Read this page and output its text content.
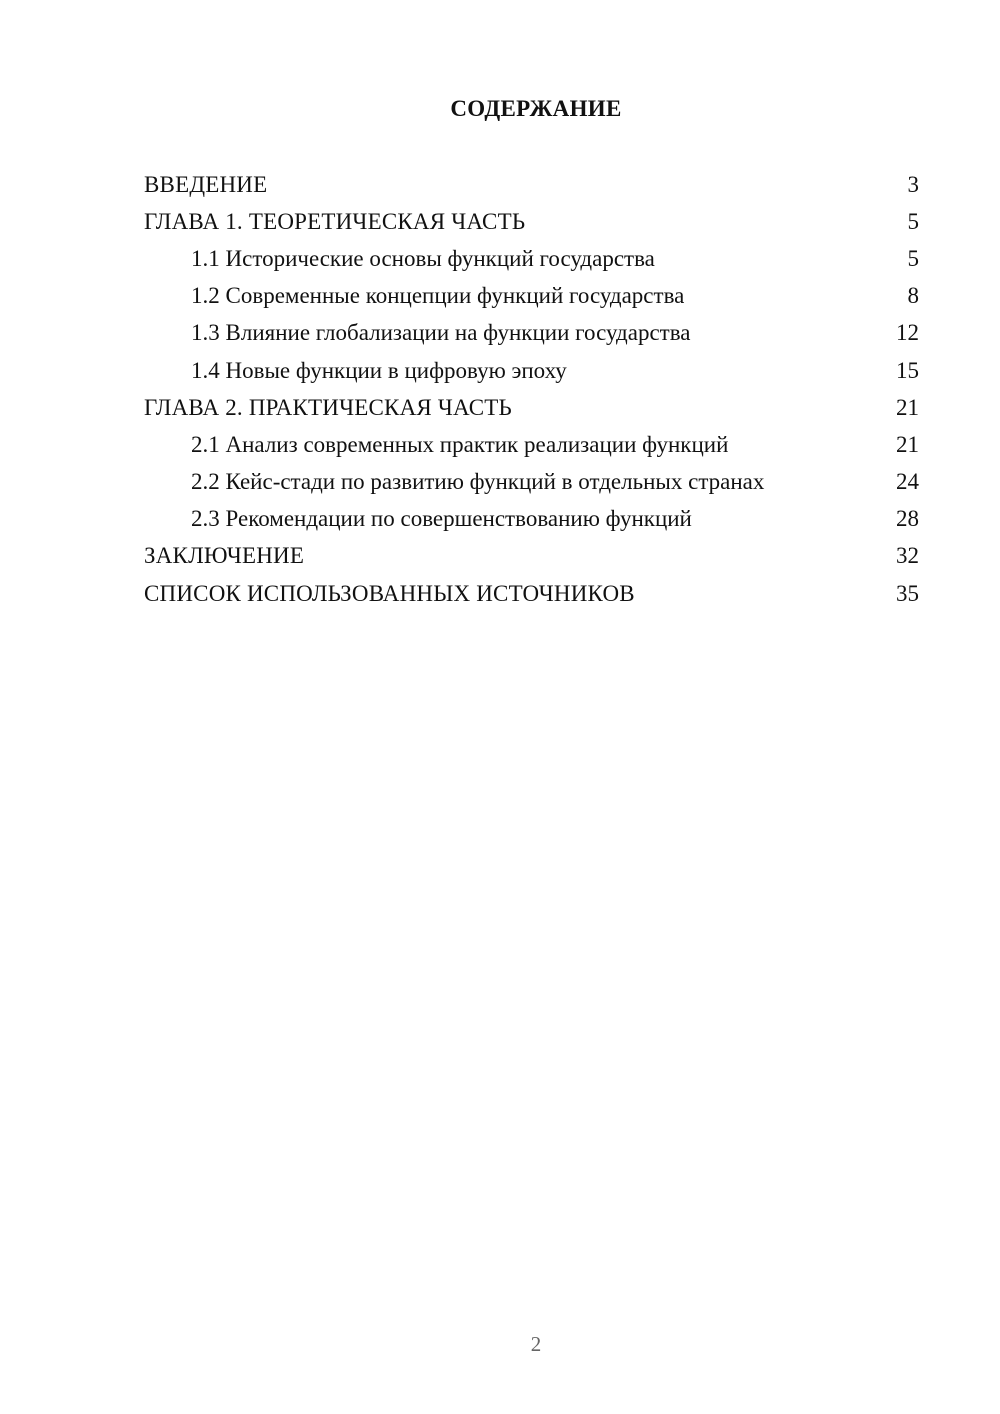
СОДЕРЖАНИЕ
ВВЕДЕНИЕ	3
ГЛАВА 1. ТЕОРЕТИЧЕСКАЯ ЧАСТЬ	5
1.1 Исторические основы функций государства	5
1.2 Современные концепции функций государства	8
1.3 Влияние глобализации на функции государства	12
1.4 Новые функции в цифровую эпоху	15
ГЛАВА 2. ПРАКТИЧЕСКАЯ ЧАСТЬ	21
2.1 Анализ современных практик реализации функций	21
2.2 Кейс-стади по развитию функций в отдельных странах	24
2.3 Рекомендации по совершенствованию функций	28
ЗАКЛЮЧЕНИЕ	32
СПИСОК ИСПОЛЬЗОВАННЫХ ИСТОЧНИКОВ	35
2
